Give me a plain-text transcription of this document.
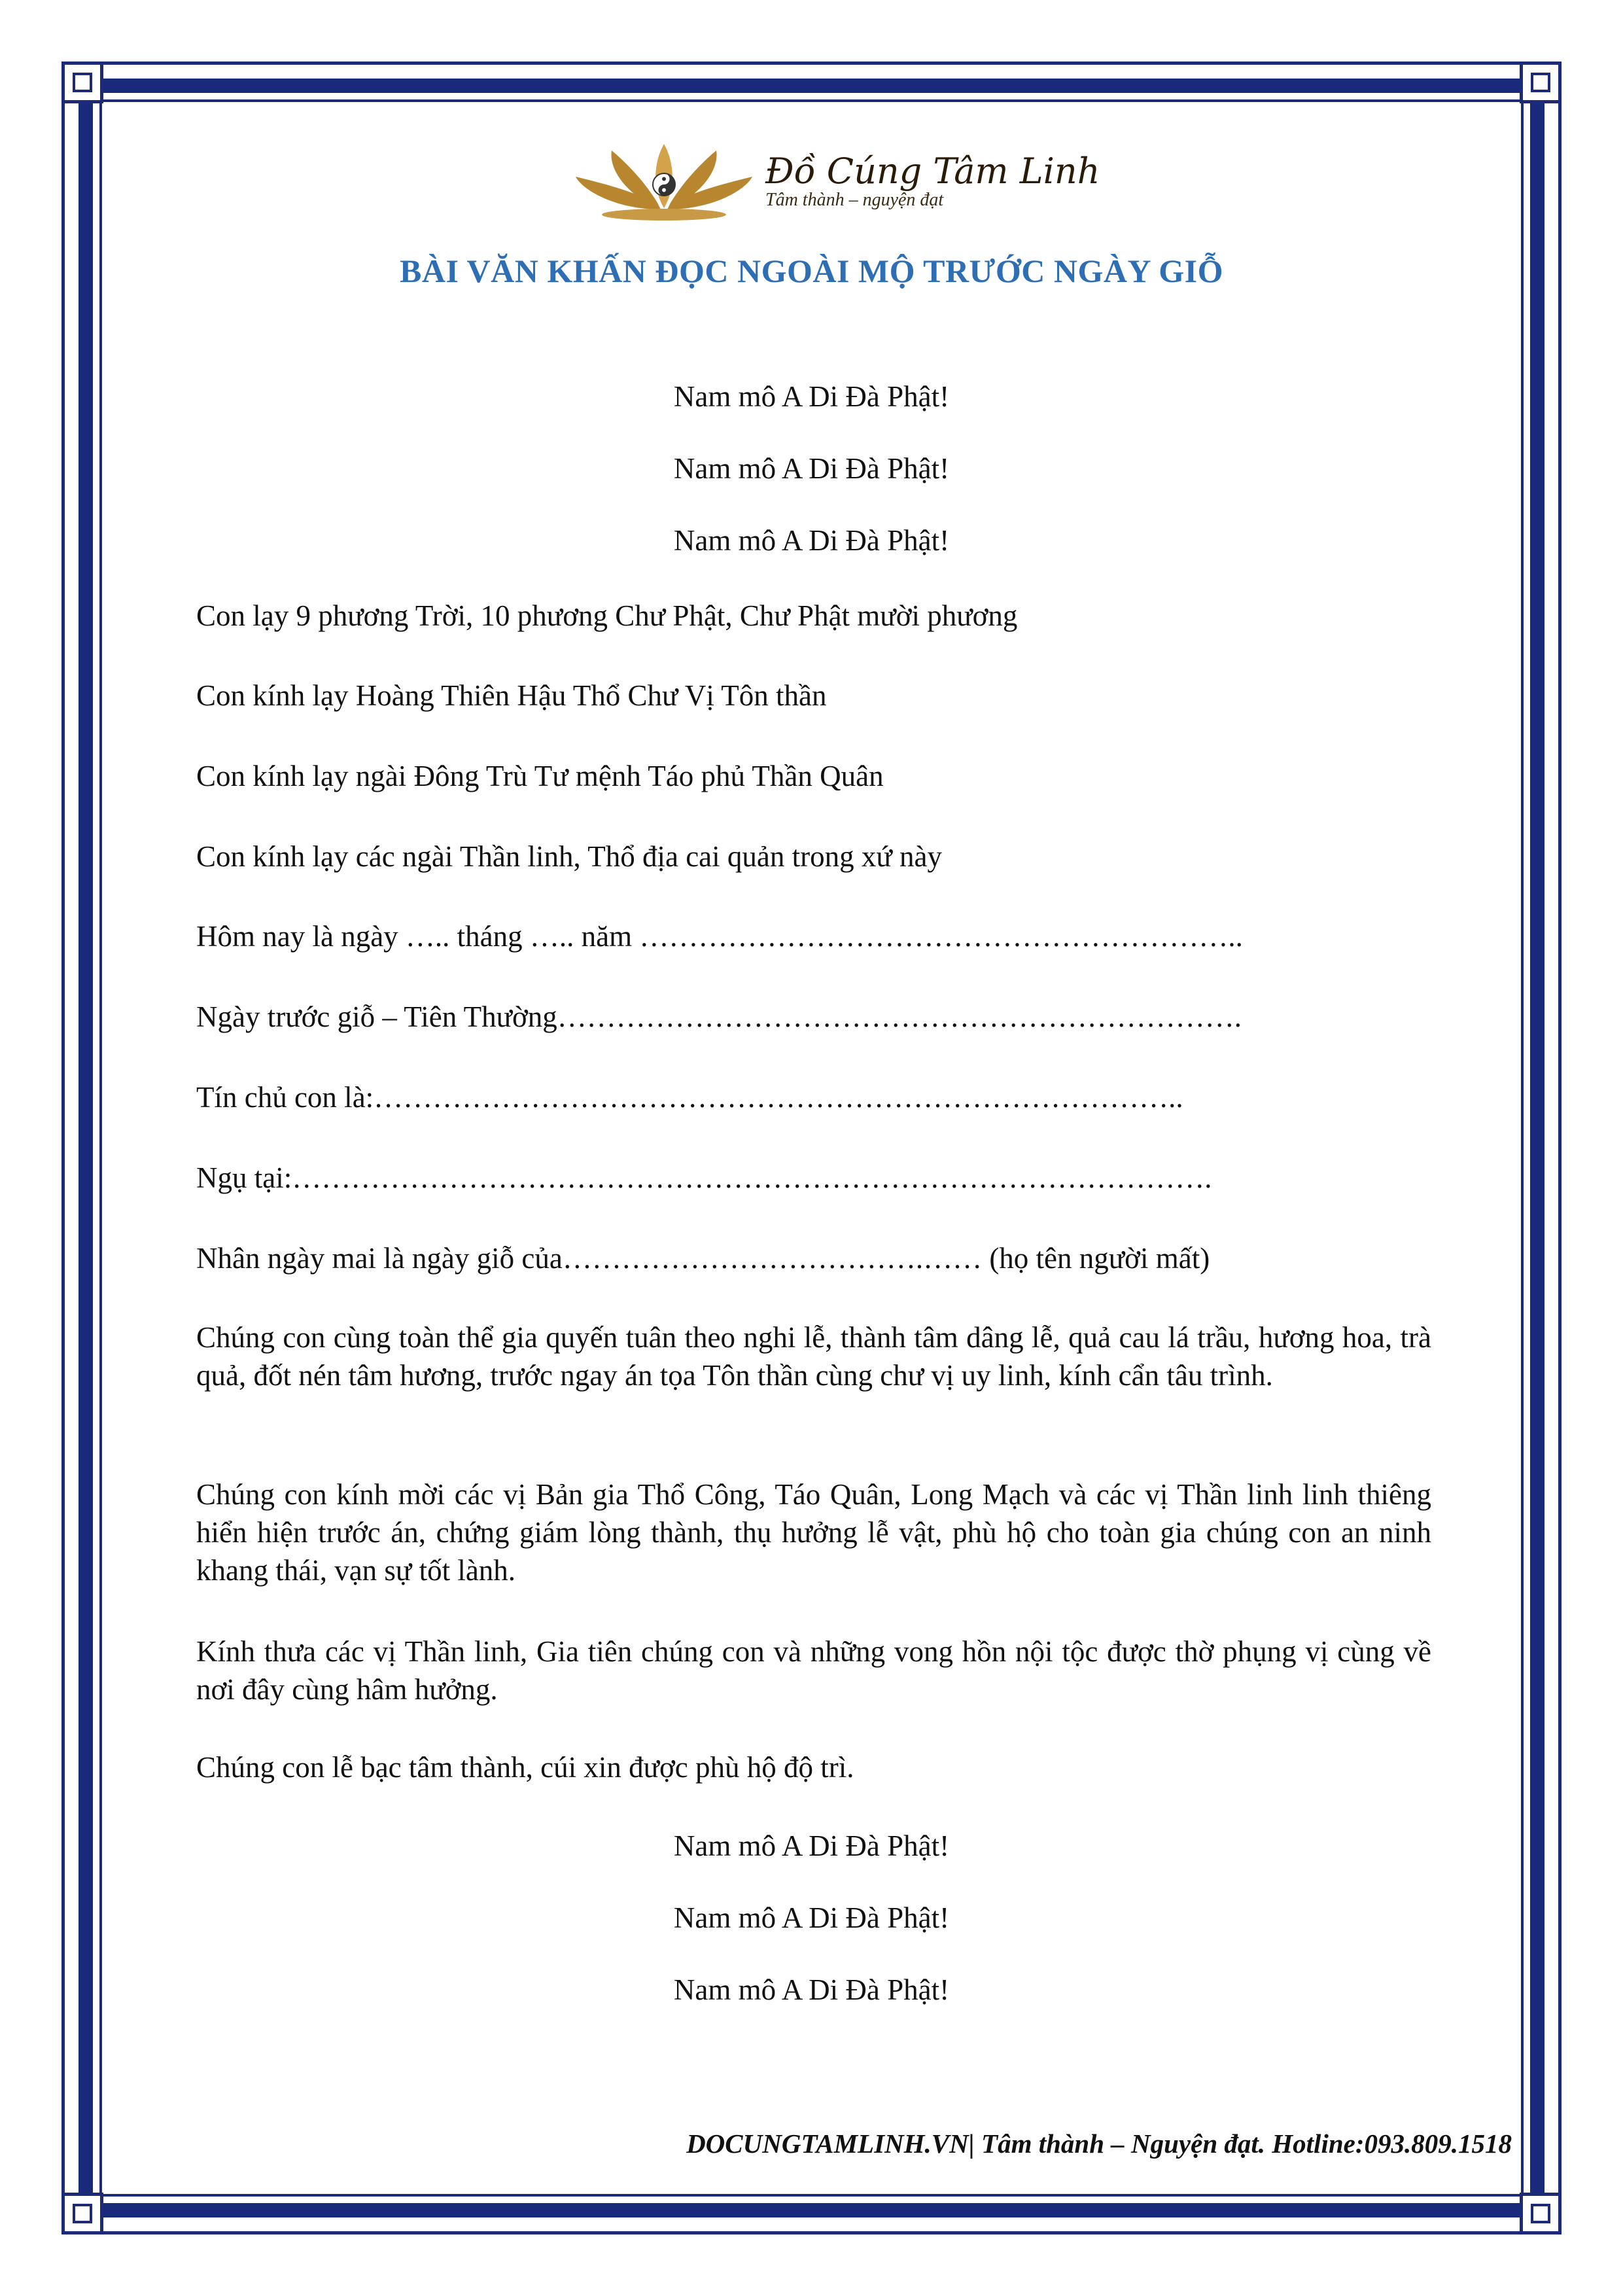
Đồ Cúng Tâm Linh
Tâm thành – nguyện đạt
BÀI VĂN KHẤN ĐỌC NGOÀI MỘ TRƯỚC NGÀY GIỖ
Nam mô A Di Đà Phật!
Nam mô A Di Đà Phật!
Nam mô A Di Đà Phật!
Con lạy 9 phương Trời, 10 phương Chư Phật, Chư Phật mười phương
Con kính lạy Hoàng Thiên Hậu Thổ Chư Vị Tôn thần
Con kính lạy ngài Đông Trù Tư mệnh Táo phủ Thần Quân
Con kính lạy các ngài Thần linh, Thổ địa cai quản trong xứ này
Hôm nay là ngày ….. tháng ….. năm ……………………………………………………..
Ngày trước giỗ – Tiên Thường…………………………………………………………….
Tín chủ con là:………………………………………………………………………..
Ngụ tại:………………………………………………………………………………….
Nhân ngày mai là ngày giỗ của……………………………….…… (họ tên người mất)
Chúng con cùng toàn thể gia quyến tuân theo nghi lễ, thành tâm dâng lễ, quả cau lá trầu, hương hoa, trà quả, đốt nén tâm hương, trước ngay án tọa Tôn thần cùng chư vị uy linh, kính cẩn tâu trình.
Chúng con kính mời các vị Bản gia Thổ Công, Táo Quân, Long Mạch và các vị Thần linh linh thiêng hiển hiện trước án, chứng giám lòng thành, thụ hưởng lễ vật, phù hộ cho toàn gia chúng con an ninh khang thái, vạn sự tốt lành.
Kính thưa các vị Thần linh, Gia tiên chúng con và những vong hồn nội tộc được thờ phụng vị cùng về nơi đây cùng hâm hưởng.
Chúng con lễ bạc tâm thành, cúi xin được phù hộ độ trì.
Nam mô A Di Đà Phật!
Nam mô A Di Đà Phật!
Nam mô A Di Đà Phật!
DOCUNGTAMLINH.VN| Tâm thành – Nguyện đạt. Hotline:093.809.1518
